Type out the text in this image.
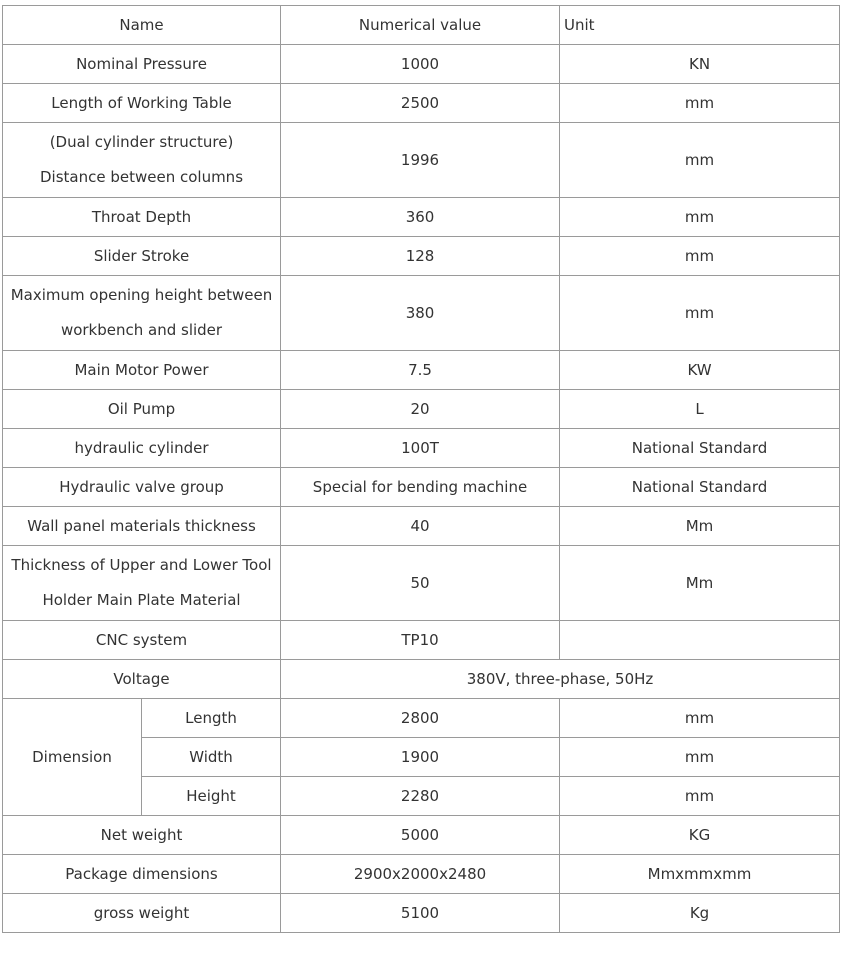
Name		Numerical value	Unit
Nominal Pressure		1000	KN
Length of Working Table		2500	mm

(Dual cylinder structure)
Distance between columns		1996	mm
Throat Depth		360	mm
Slider Stroke		128	mm

Maximum opening height between
workbench and slider		380	mm
Main Motor Power		7.5	KW
Oil Pump		20	L
hydraulic cylinder		100T	National Standard
Hydraulic valve group		Special for bending machine	National Standard
Wall panel materials thickness		40	Mm

Thickness of Upper and Lower Tool
Holder Main Plate Material		50	Mm
CNC system		TP10	
Voltage		380V, three-phase, 50Hz	
Dimension	Length	2800	mm
	Width	1900	mm
	Height	2280	mm
Net weight		5000	KG
Package dimensions		2900x2000x2480	Mmxmmxmm
gross weight		5100	Kg
